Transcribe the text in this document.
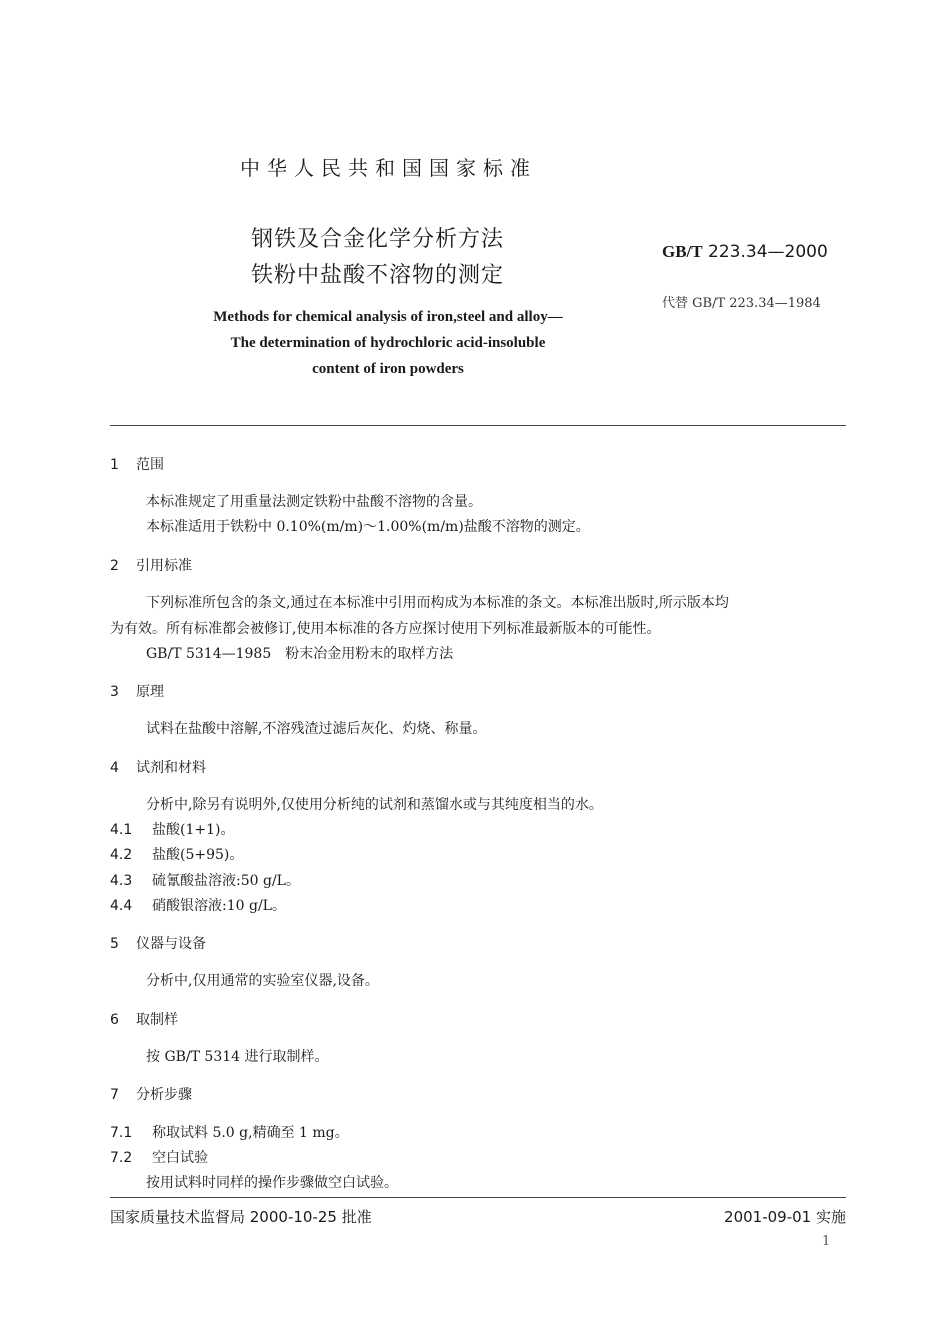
中华人民共和国国家标准
钢铁及合金化学分析方法
铁粉中盐酸不溶物的测定
GB/T 223.34—2000
代替 GB/T 223.34—1984
Methods for chemical analysis of iron,steel and alloy—
The determination of hydrochloric acid-insoluble
content of iron powders
1 范围
本标准规定了用重量法测定铁粉中盐酸不溶物的含量。
本标准适用于铁粉中 0.10%(m/m)～1.00%(m/m)盐酸不溶物的测定。
2 引用标准
下列标准所包含的条文,通过在本标准中引用而构成为本标准的条文。本标准出版时,所示版本均
为有效。所有标准都会被修订,使用本标准的各方应探讨使用下列标准最新版本的可能性。
GB/T 5314—1985　粉末冶金用粉末的取样方法
3 原理
试料在盐酸中溶解,不溶残渣过滤后灰化、灼烧、称量。
4 试剂和材料
分析中,除另有说明外,仅使用分析纯的试剂和蒸馏水或与其纯度相当的水。
4.1 盐酸(1+1)。
4.2 盐酸(5+95)。
4.3 硫氰酸盐溶液:50 g/L。
4.4 硝酸银溶液:10 g/L。
5 仪器与设备
分析中,仅用通常的实验室仪器,设备。
6 取制样
按 GB/T 5314 进行取制样。
7 分析步骤
7.1 称取试料 5.0 g,精确至 1 mg。
7.2 空白试验
按用试料时同样的操作步骤做空白试验。
国家质量技术监督局 2000-10-25 批准	2001-09-01 实施
1
